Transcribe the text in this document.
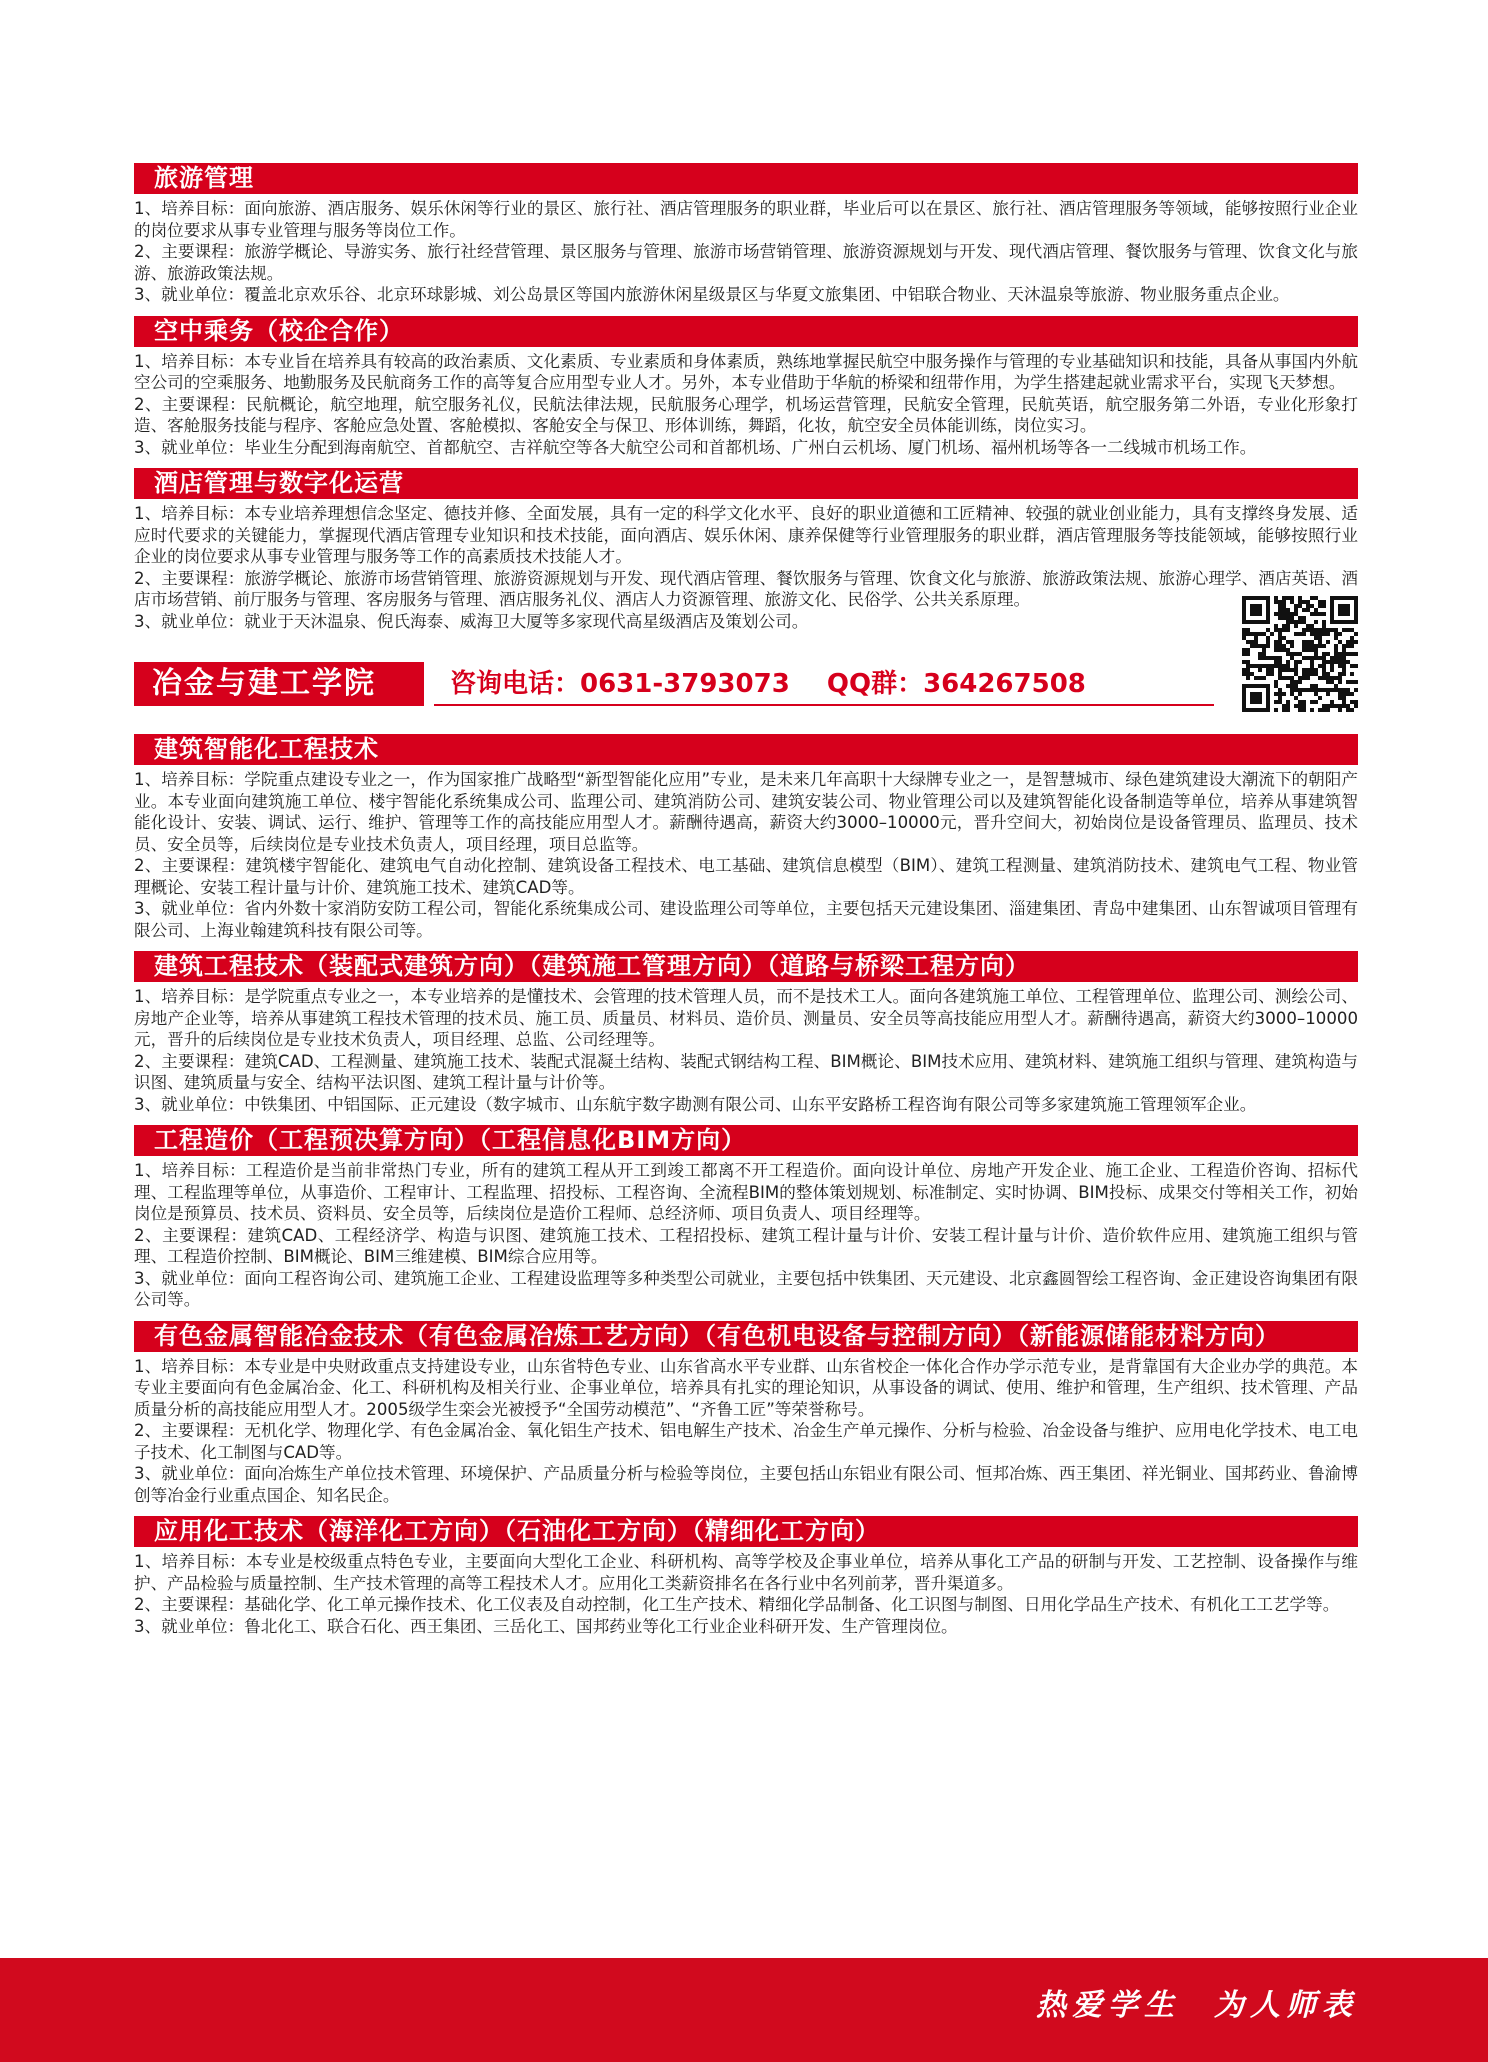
旅游管理

1、培养目标：面向旅游、酒店服务、娱乐休闲等行业的景区、旅行社、酒店管理服务的职业群，毕业后可以在景区、旅行社、酒店管理服务等领域，能够按照行业企业的岗位要求从事专业管理与服务等岗位工作。

2、主要课程：旅游学概论、导游实务、旅行社经营管理、景区服务与管理、旅游市场营销管理、旅游资源规划与开发、现代酒店管理、餐饮服务与管理、饮食文化与旅游、旅游政策法规。

3、就业单位：覆盖北京欢乐谷、北京环球影城、刘公岛景区等国内旅游休闲星级景区与华夏文旅集团、中铝联合物业、天沐温泉等旅游、物业服务重点企业。

空中乘务（校企合作）

1、培养目标：本专业旨在培养具有较高的政治素质、文化素质、专业素质和身体素质，熟练地掌握民航空中服务操作与管理的专业基础知识和技能，具备从事国内外航空公司的空乘服务、地勤服务及民航商务工作的高等复合应用型专业人才。另外，本专业借助于华航的桥梁和纽带作用，为学生搭建起就业需求平台，实现飞天梦想。

2、主要课程：民航概论，航空地理，航空服务礼仪，民航法律法规，民航服务心理学，机场运营管理，民航安全管理，民航英语，航空服务第二外语，专业化形象打造、客舱服务技能与程序、客舱应急处置、客舱模拟、客舱安全与保卫、形体训练，舞蹈，化妆，航空安全员体能训练，岗位实习。

3、就业单位：毕业生分配到海南航空、首都航空、吉祥航空等各大航空公司和首都机场、广州白云机场、厦门机场、福州机场等各一二线城市机场工作。

酒店管理与数字化运营

1、培养目标：本专业培养理想信念坚定、德技并修、全面发展，具有一定的科学文化水平、良好的职业道德和工匠精神、较强的就业创业能力，具有支撑终身发展、适应时代要求的关键能力，掌握现代酒店管理专业知识和技术技能，面向酒店、娱乐休闲、康养保健等行业管理服务的职业群，酒店管理服务等技能领域，能够按照行业企业的岗位要求从事专业管理与服务等工作的高素质技术技能人才。

2、主要课程：旅游学概论、旅游市场营销管理、旅游资源规划与开发、现代酒店管理、餐饮服务与管理、饮食文化与旅游、旅游政策法规、旅游心理学、酒店英语、酒店市场营销、前厅服务与管理、客房服务与管理、酒店服务礼仪、酒店人力资源管理、旅游文化、民俗学、公共关系原理。

3、就业单位：就业于天沐温泉、倪氏海泰、威海卫大厦等多家现代高星级酒店及策划公司。

冶金与建工学院	咨询电话：0631-3793073 QQ群：364267508
建筑智能化工程技术

1、培养目标：学院重点建设专业之一，作为国家推广战略型“新型智能化应用”专业，是未来几年高职十大绿牌专业之一，是智慧城市、绿色建筑建设大潮流下的朝阳产业。本专业面向建筑施工单位、楼宇智能化系统集成公司、监理公司、建筑消防公司、建筑安装公司、物业管理公司以及建筑智能化设备制造等单位，培养从事建筑智能化设计、安装、调试、运行、维护、管理等工作的高技能应用型人才。薪酬待遇高，薪资大约3000–10000元，晋升空间大，初始岗位是设备管理员、监理员、技术员、安全员等，后续岗位是专业技术负责人，项目经理，项目总监等。

2、主要课程：建筑楼宇智能化、建筑电气自动化控制、建筑设备工程技术、电工基础、建筑信息模型（BIM）、建筑工程测量、建筑消防技术、建筑电气工程、物业管理概论、安装工程计量与计价、建筑施工技术、建筑CAD等。

3、就业单位：省内外数十家消防安防工程公司，智能化系统集成公司、建设监理公司等单位，主要包括天元建设集团、淄建集团、青岛中建集团、山东智诚项目管理有限公司、上海业翰建筑科技有限公司等。

建筑工程技术（装配式建筑方向）（建筑施工管理方向）（道路与桥梁工程方向）

1、培养目标：是学院重点专业之一，本专业培养的是懂技术、会管理的技术管理人员，而不是技术工人。面向各建筑施工单位、工程管理单位、监理公司、测绘公司、房地产企业等，培养从事建筑工程技术管理的技术员、施工员、质量员、材料员、造价员、测量员、安全员等高技能应用型人才。薪酬待遇高，薪资大约3000–10000元，晋升的后续岗位是专业技术负责人，项目经理、总监、公司经理等。

2、主要课程：建筑CAD、工程测量、建筑施工技术、装配式混凝土结构、装配式钢结构工程、BIM概论、BIM技术应用、建筑材料、建筑施工组织与管理、建筑构造与识图、建筑质量与安全、结构平法识图、建筑工程计量与计价等。

3、就业单位：中铁集团、中铝国际、正元建设（数字城市、山东航宇数字勘测有限公司、山东平安路桥工程咨询有限公司等多家建筑施工管理领军企业。

工程造价（工程预决算方向）（工程信息化BIM方向）

1、培养目标：工程造价是当前非常热门专业，所有的建筑工程从开工到竣工都离不开工程造价。面向设计单位、房地产开发企业、施工企业、工程造价咨询、招标代理、工程监理等单位，从事造价、工程审计、工程监理、招投标、工程咨询、全流程BIM的整体策划规划、标准制定、实时协调、BIM投标、成果交付等相关工作，初始岗位是预算员、技术员、资料员、安全员等，后续岗位是造价工程师、总经济师、项目负责人、项目经理等。

2、主要课程：建筑CAD、工程经济学、构造与识图、建筑施工技术、工程招投标、建筑工程计量与计价、安装工程计量与计价、造价软件应用、建筑施工组织与管理、工程造价控制、BIM概论、BIM三维建模、BIM综合应用等。

3、就业单位：面向工程咨询公司、建筑施工企业、工程建设监理等多种类型公司就业，主要包括中铁集团、天元建设、北京鑫圆智绘工程咨询、金正建设咨询集团有限公司等。

有色金属智能冶金技术（有色金属冶炼工艺方向）（有色机电设备与控制方向）（新能源储能材料方向）

1、培养目标：本专业是中央财政重点支持建设专业，山东省特色专业、山东省高水平专业群、山东省校企一体化合作办学示范专业，是背靠国有大企业办学的典范。本专业主要面向有色金属冶金、化工、科研机构及相关行业、企事业单位，培养具有扎实的理论知识，从事设备的调试、使用、维护和管理，生产组织、技术管理、产品质量分析的高技能应用型人才。2005级学生栾会光被授予“全国劳动模范”、“齐鲁工匠”等荣誉称号。

2、主要课程：无机化学、物理化学、有色金属冶金、氧化铝生产技术、铝电解生产技术、冶金生产单元操作、分析与检验、冶金设备与维护、应用电化学技术、电工电子技术、化工制图与CAD等。

3、就业单位：面向冶炼生产单位技术管理、环境保护、产品质量分析与检验等岗位，主要包括山东铝业有限公司、恒邦冶炼、西王集团、祥光铜业、国邦药业、鲁渝博创等冶金行业重点国企、知名民企。

应用化工技术（海洋化工方向）（石油化工方向）（精细化工方向）

1、培养目标：本专业是校级重点特色专业，主要面向大型化工企业、科研机构、高等学校及企事业单位，培养从事化工产品的研制与开发、工艺控制、设备操作与维护、产品检验与质量控制、生产技术管理的高等工程技术人才。应用化工类薪资排名在各行业中名列前茅，晋升渠道多。

2、主要课程：基础化学、化工单元操作技术、化工仪表及自动控制，化工生产技术、精细化学品制备、化工识图与制图、日用化学品生产技术、有机化工工艺学等。

3、就业单位：鲁北化工、联合石化、西王集团、三岳化工、国邦药业等化工行业企业科研开发、生产管理岗位。

热爱学生 为人师表
